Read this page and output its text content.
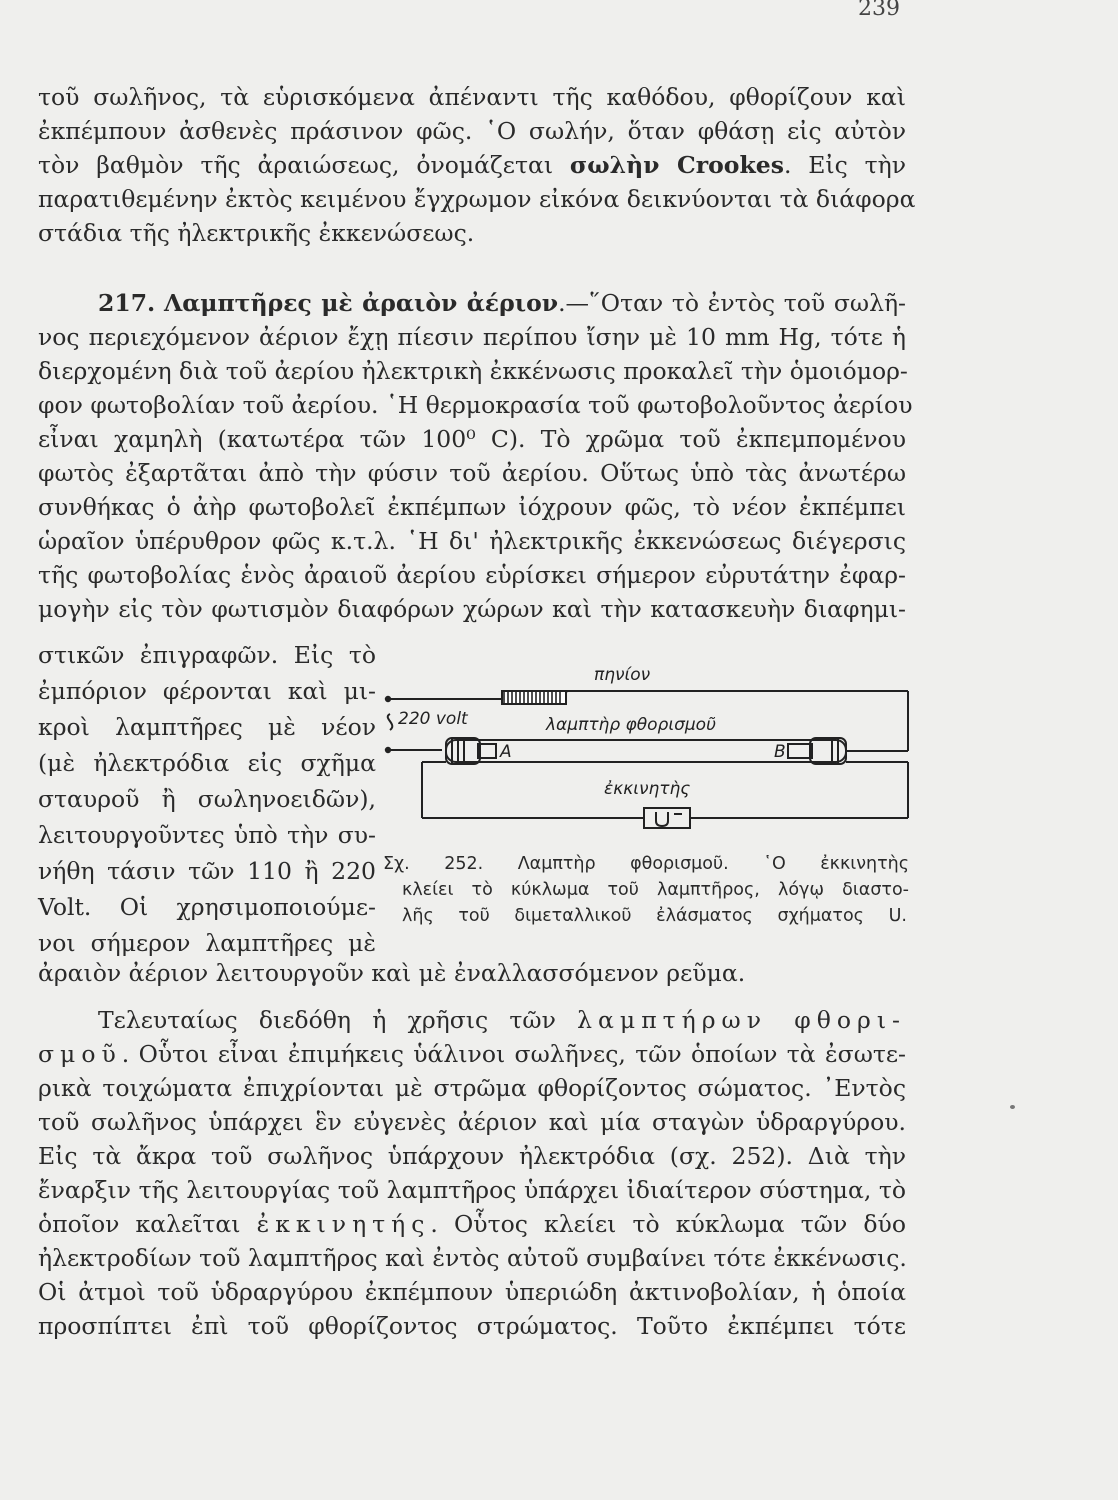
239
τοῦ σωλῆνος, τὰ εὑρισκόμενα ἀπέναντι τῆς καθόδου, φθορίζουν καὶ
ἐκπέμπουν ἀσθενὲς πράσινον φῶς. ῾Ο σωλήν, ὅταν φθάσῃ εἰς αὐτὸν
τὸν βαθμὸν τῆς ἀραιώσεως, ὀνομάζεται σωλὴν Crookes. Εἰς τὴν
παρατιθεμένην ἐκτὸς κειμένου ἔγχρωμον εἰκόνα δεικνύονται τὰ διάφορα
στάδια τῆς ἠλεκτρικῆς ἐκκενώσεως.
217. Λαμπτῆρες μὲ ἀραιὸν ἀέριον.—῞Οταν τὸ ἐντὸς τοῦ σωλῆ-
νος περιεχόμενον ἀέριον ἔχῃ πίεσιν περίπου ἴσην μὲ 10 mm Hg, τότε ἡ
διερχομένη διὰ τοῦ ἀερίου ἠλεκτρικὴ ἐκκένωσις προκαλεῖ τὴν ὁμοιόμορ-
φον φωτοβολίαν τοῦ ἀερίου. ῾Η θερμοκρασία τοῦ φωτοβολοῦντος ἀερίου
εἶναι χαμηλὴ (κατωτέρα τῶν 100⁰ C). Τὸ χρῶμα τοῦ ἐκπεμπομένου
φωτὸς ἐξαρτᾶται ἀπὸ τὴν φύσιν τοῦ ἀερίου. Οὕτως ὑπὸ τὰς ἀνωτέρω
συνθήκας ὁ ἀὴρ φωτοβολεῖ ἐκπέμπων ἰόχρουν φῶς, τὸ νέον ἐκπέμπει
ὡραῖον ὑπέρυθρον φῶς κ.τ.λ. ῾Η δι' ἠλεκτρικῆς ἐκκενώσεως διέγερσις
τῆς φωτοβολίας ἑνὸς ἀραιοῦ ἀερίου εὑρίσκει σήμερον εὐρυτάτην ἐφαρ-
μογὴν εἰς τὸν φωτισμὸν διαφόρων χώρων καὶ τὴν κατασκευὴν διαφημι-
στικῶν ἐπιγραφῶν. Εἰς τὸ
ἐμπόριον φέρονται καὶ μι-
κροὶ λαμπτῆρες μὲ νέον
(μὲ ἠλεκτρόδια εἰς σχῆμα
σταυροῦ ἢ σωληνοειδῶν),
λειτουργοῦντες ὑπὸ τὴν συ-
νήθη τάσιν τῶν 110 ἢ 220
Volt. Οἱ χρησιμοποιούμε-
νοι σήμερον λαμπτῆρες μὲ
ἀραιὸν ἀέριον λειτουργοῦν καὶ μὲ ἐναλλασσόμενον ρεῦμα.
πηνίον
220 volt	λαμπτὴρ φθορισμοῦ
Α	Β
ἐκκινητὴς
Σχ. 252. Λαμπτὴρ φθορισμοῦ. ῾Ο ἐκκινητὴς
κλείει τὸ κύκλωμα τοῦ λαμπτῆρος, λόγῳ διαστο-
λῆς τοῦ διμεταλλικοῦ ἐλάσματος σχήματος U.
Τελευταίως διεδόθη ἡ χρῆσις τῶν λαμπτήρων φθορι-
σμοῦ. Οὗτοι εἶναι ἐπιμήκεις ὑάλινοι σωλῆνες, τῶν ὁποίων τὰ ἐσωτε-
ρικὰ τοιχώματα ἐπιχρίονται μὲ στρῶμα φθορίζοντος σώματος. ᾿Εντὸς
τοῦ σωλῆνος ὑπάρχει ἓν εὐγενὲς ἀέριον καὶ μία σταγὼν ὑδραργύρου.
Εἰς τὰ ἄκρα τοῦ σωλῆνος ὑπάρχουν ἠλεκτρόδια (σχ. 252). Διὰ τὴν
ἔναρξιν τῆς λειτουργίας τοῦ λαμπτῆρος ὑπάρχει ἰδιαίτερον σύστημα, τὸ
ὁποῖον καλεῖται ἐκκινητής. Οὗτος κλείει τὸ κύκλωμα τῶν δύο
ἠλεκτροδίων τοῦ λαμπτῆρος καὶ ἐντὸς αὐτοῦ συμβαίνει τότε ἐκκένωσις.
Οἱ ἀτμοὶ τοῦ ὑδραργύρου ἐκπέμπουν ὑπεριώδη ἀκτινοβολίαν, ἡ ὁποία
προσπίπτει ἐπὶ τοῦ φθορίζοντος στρώματος. Τοῦτο ἐκπέμπει τότε
